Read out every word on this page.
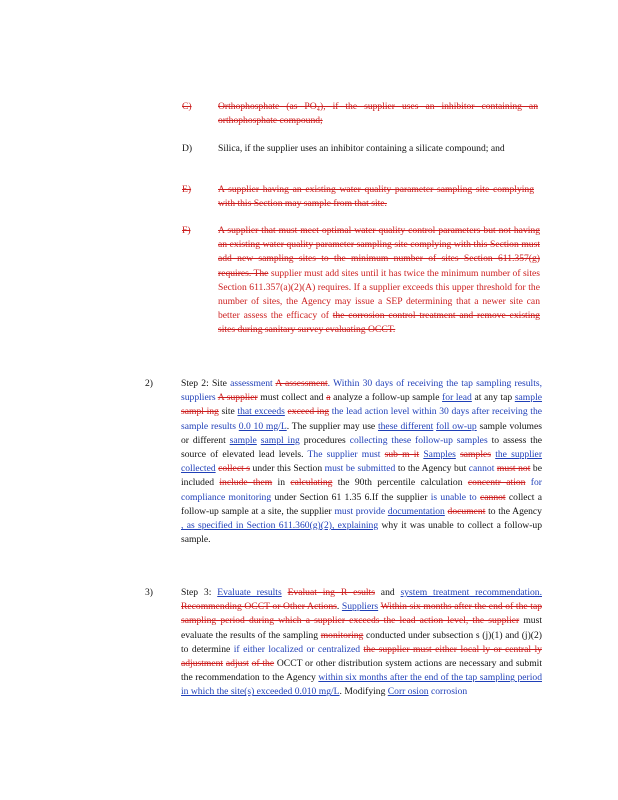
C)	Orthophosphate (as PO₄), if the supplier uses an inhibitor containing an orthophosphate compound;
D)	Silica, if the supplier uses an inhibitor containing a silicate compound; and
E)	A supplier having an existing water quality parameter sampling site complying with this Section may sample from that site.
F)	A supplier that must meet optimal water quality control parameters but not having an existing water quality parameter sampling site complying with this Section must add new sampling sites to the minimum number of sites Section 611.357(g) requires. The supplier must add sites until it has twice the minimum number of sites Section 611.357(a)(2)(A) requires. If a supplier exceeds this upper threshold for the number of sites, the Agency may issue a SEP determining that a newer site can better assess the efficacy of the corrosion control treatment and remove existing sites during sanitary survey evaluating OCCT.
2)	Step 2: Site assessment A assessment. Within 30 days of receiving the tap sampling results, suppliers A supplier must collect and a analyze a follow-up sample for lead at any tap sample sampl ing site that exceeds exceed ing the lead action level within 30 days after receiving the sample results 0.0 10 mg/L. The supplier may use these different foll ow-up sample volumes or different sample sampl ing procedures collecting these follow-up samples to assess the source of elevated lead levels. The supplier must sub m it Samples samples the supplier collected collect s under this Section must be submitted to the Agency but cannot must not be included include them in calculating the 90th percentile calculation concentr ation for compliance monitoring under Section 61 1.35 6.If the supplier is unable to cannot collect a follow-up sample at a site, the supplier must provide documentation document to the Agency , as specified in Section 611.360(g)(2), explaining why it was unable to collect a follow-up sample.
3)	Step 3: Evaluate results Evaluat ing R esults and system treatment recommendation. Recommending OCCT or Other Actions. Suppliers Within six months after the end of the tap sampling period during which a supplier exceeds the lead action level, the supplier must evaluate the results of the sampling monitoring conducted under subsection s (j)(1) and (j)(2) to determine if either localized or centralized the supplier must either local ly or central ly adjustment adjust of the OCCT or other distribution system actions are necessary and submit the recommendation to the Agency within six months after the end of the tap sampling period in which the site(s) exceeded 0.010 mg/L. Modifying Corr osion corrosion
